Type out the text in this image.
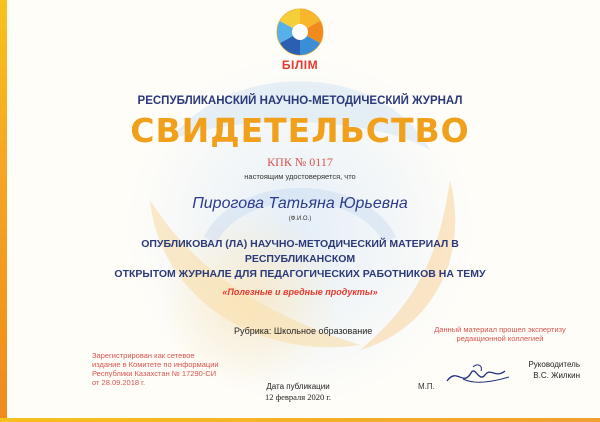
БІЛІМ
РЕСПУБЛИКАНСКИЙ НАУЧНО-МЕТОДИЧЕСКИЙ ЖУРНАЛ
СВИДЕТЕЛЬСТВО
КПК № 0117
настоящим удостоверяется, что
Пирогова Татьяна Юрьевна
(Ф.И.О.)
ОПУБЛИКОВАЛ (ЛА) НАУЧНО-МЕТОДИЧЕСКИЙ МАТЕРИАЛ В РЕСПУБЛИКАНСКОМ
ОТКРЫТОМ ЖУРНАЛЕ ДЛЯ ПЕДАГОГИЧЕСКИХ РАБОТНИКОВ НА ТЕМУ
«Полезные и вредные продукты»
Рубрика: Школьное образование	Данный материал прошел экспертизу
редакционной коллегией
Зарегистрирован как сетевое
издание в Комитете по информации
Республики Казахстан № 17290-СИ
от 28.09.2018 г.	Дата публикации
12 февраля 2020 г.
М.П.
Руководитель
В.С. Жилкин
